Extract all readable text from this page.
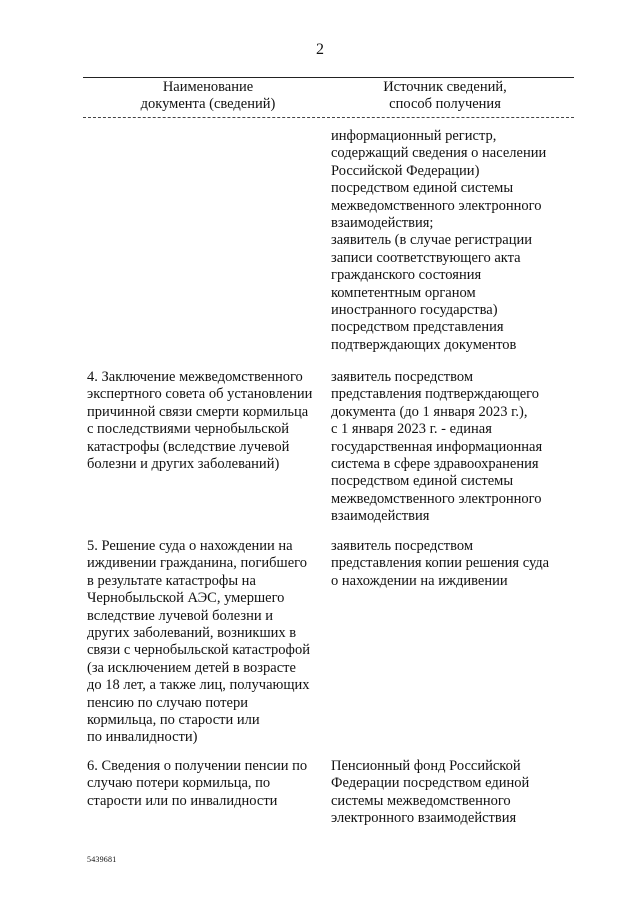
2
Наименование
документа (сведений)
Источник сведений,
способ получения
информационный регистр,
содержащий сведения о населении
Российской Федерации)
посредством единой системы
межведомственного электронного
взаимодействия;
заявитель (в случае регистрации
записи соответствующего акта
гражданского состояния
компетентным органом
иностранного государства)
посредством представления
подтверждающих документов
4. Заключение межведомственного
экспертного совета об установлении
причинной связи смерти кормильца
с последствиями чернобыльской
катастрофы (вследствие лучевой
болезни и других заболеваний)
заявитель посредством
представления подтверждающего
документа (до 1 января 2023 г.),
с 1 января 2023 г. - единая
государственная информационная
система в сфере здравоохранения
посредством единой системы
межведомственного электронного
взаимодействия
5. Решение суда о нахождении на
иждивении гражданина, погибшего
в результате катастрофы на
Чернобыльской АЭС, умершего
вследствие лучевой болезни и
других заболеваний, возникших в
связи с чернобыльской катастрофой
(за исключением детей в возрасте
до 18 лет, а также лиц, получающих
пенсию по случаю потери
кормильца, по старости или
по инвалидности)
заявитель посредством
представления копии решения суда
о нахождении на иждивении
6. Сведения о получении пенсии по
случаю потери кормильца, по
старости или по инвалидности
Пенсионный фонд Российской
Федерации посредством единой
системы межведомственного
электронного взаимодействия
5439681
